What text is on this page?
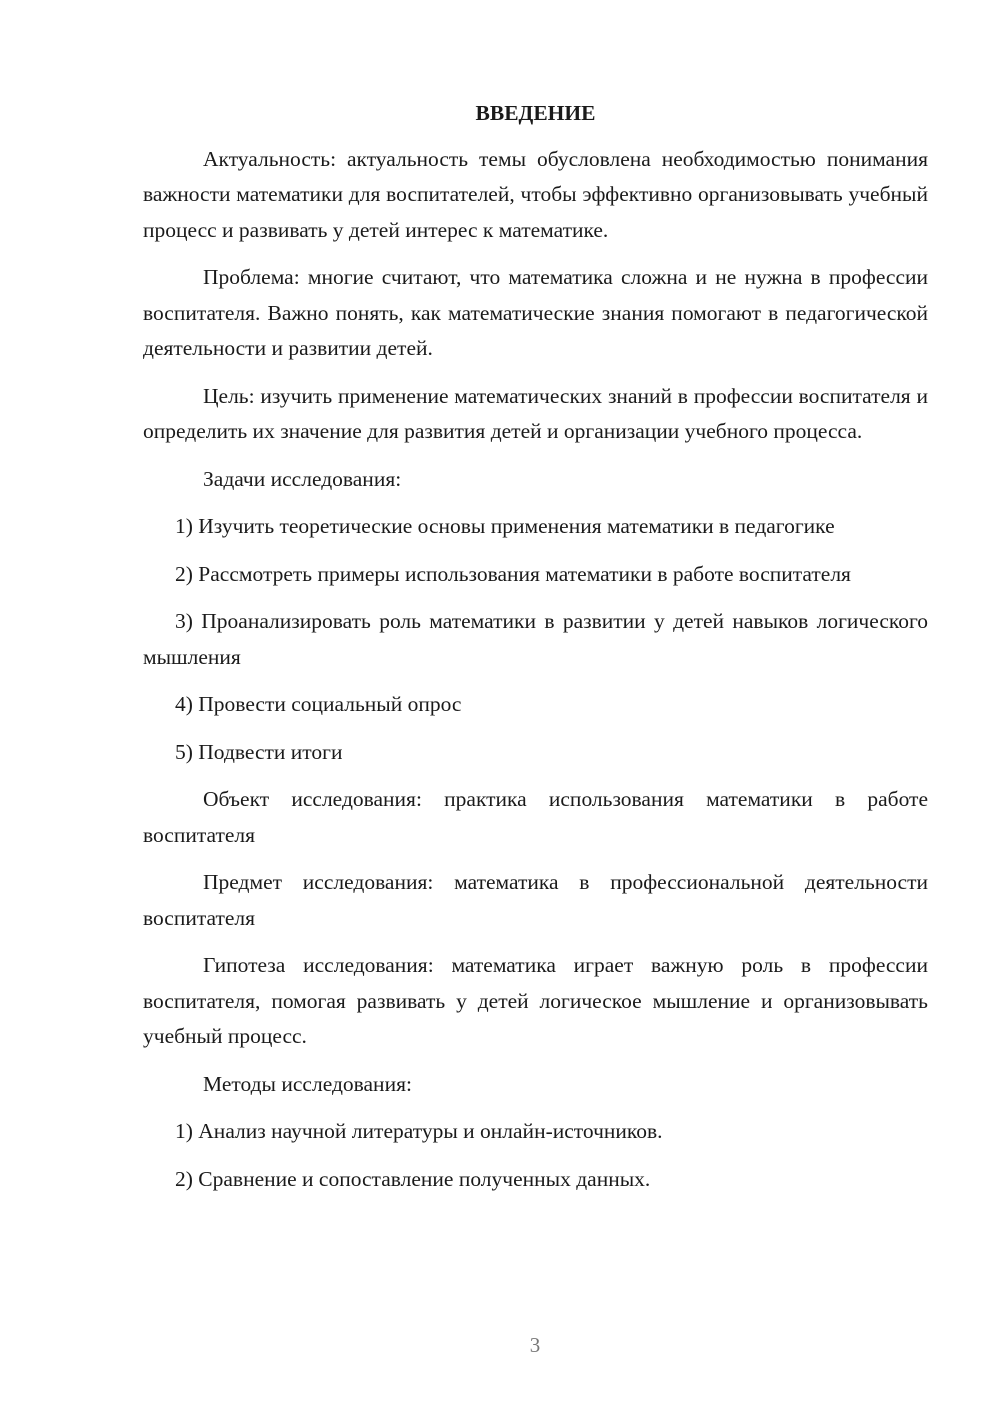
ВВЕДЕНИЕ

Актуальность: актуальность темы обусловлена необходимостью понимания важности математики для воспитателей, чтобы эффективно организовывать учебный процесс и развивать у детей интерес к математике.

Проблема: многие считают, что математика сложна и не нужна в профессии воспитателя. Важно понять, как математические знания помогают в педагогической деятельности и развитии детей.

Цель: изучить применение математических знаний в профессии воспитателя и определить их значение для развития детей и организации учебного процесса.

Задачи исследования:

1) Изучить теоретические основы применения математики в педагогике

2) Рассмотреть примеры использования математики в работе воспитателя

3) Проанализировать роль математики в развитии у детей навыков логического мышления

4) Провести социальный опрос

5) Подвести итоги

Объект исследования: практика использования математики в работе воспитателя

Предмет исследования: математика в профессиональной деятельности воспитателя

Гипотеза исследования: математика играет важную роль в профессии воспитателя, помогая развивать у детей логическое мышление и организовывать учебный процесс.

Методы исследования:

1) Анализ научной литературы и онлайн-источников.

2) Сравнение и сопоставление полученных данных.

3
